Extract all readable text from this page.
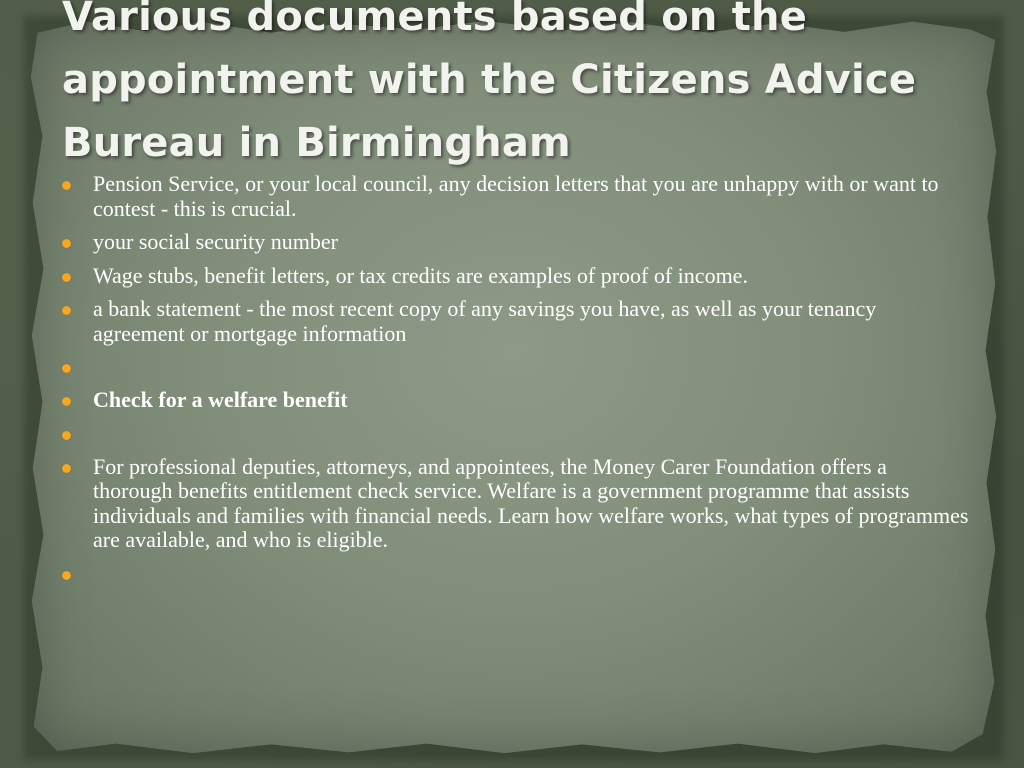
Various documents based on the appointment with the Citizens Advice Bureau in Birmingham
Pension Service, or your local council, any decision letters that you are unhappy with or want to contest - this is crucial.
your social security number
Wage stubs, benefit letters, or tax credits are examples of proof of income.
a bank statement - the most recent copy of any savings you have, as well as your tenancy agreement or mortgage information
Check for a welfare benefit
For professional deputies, attorneys, and appointees, the Money Carer Foundation offers a thorough benefits entitlement check service. Welfare is a government programme that assists individuals and families with financial needs. Learn how welfare works, what types of programmes are available, and who is eligible.
